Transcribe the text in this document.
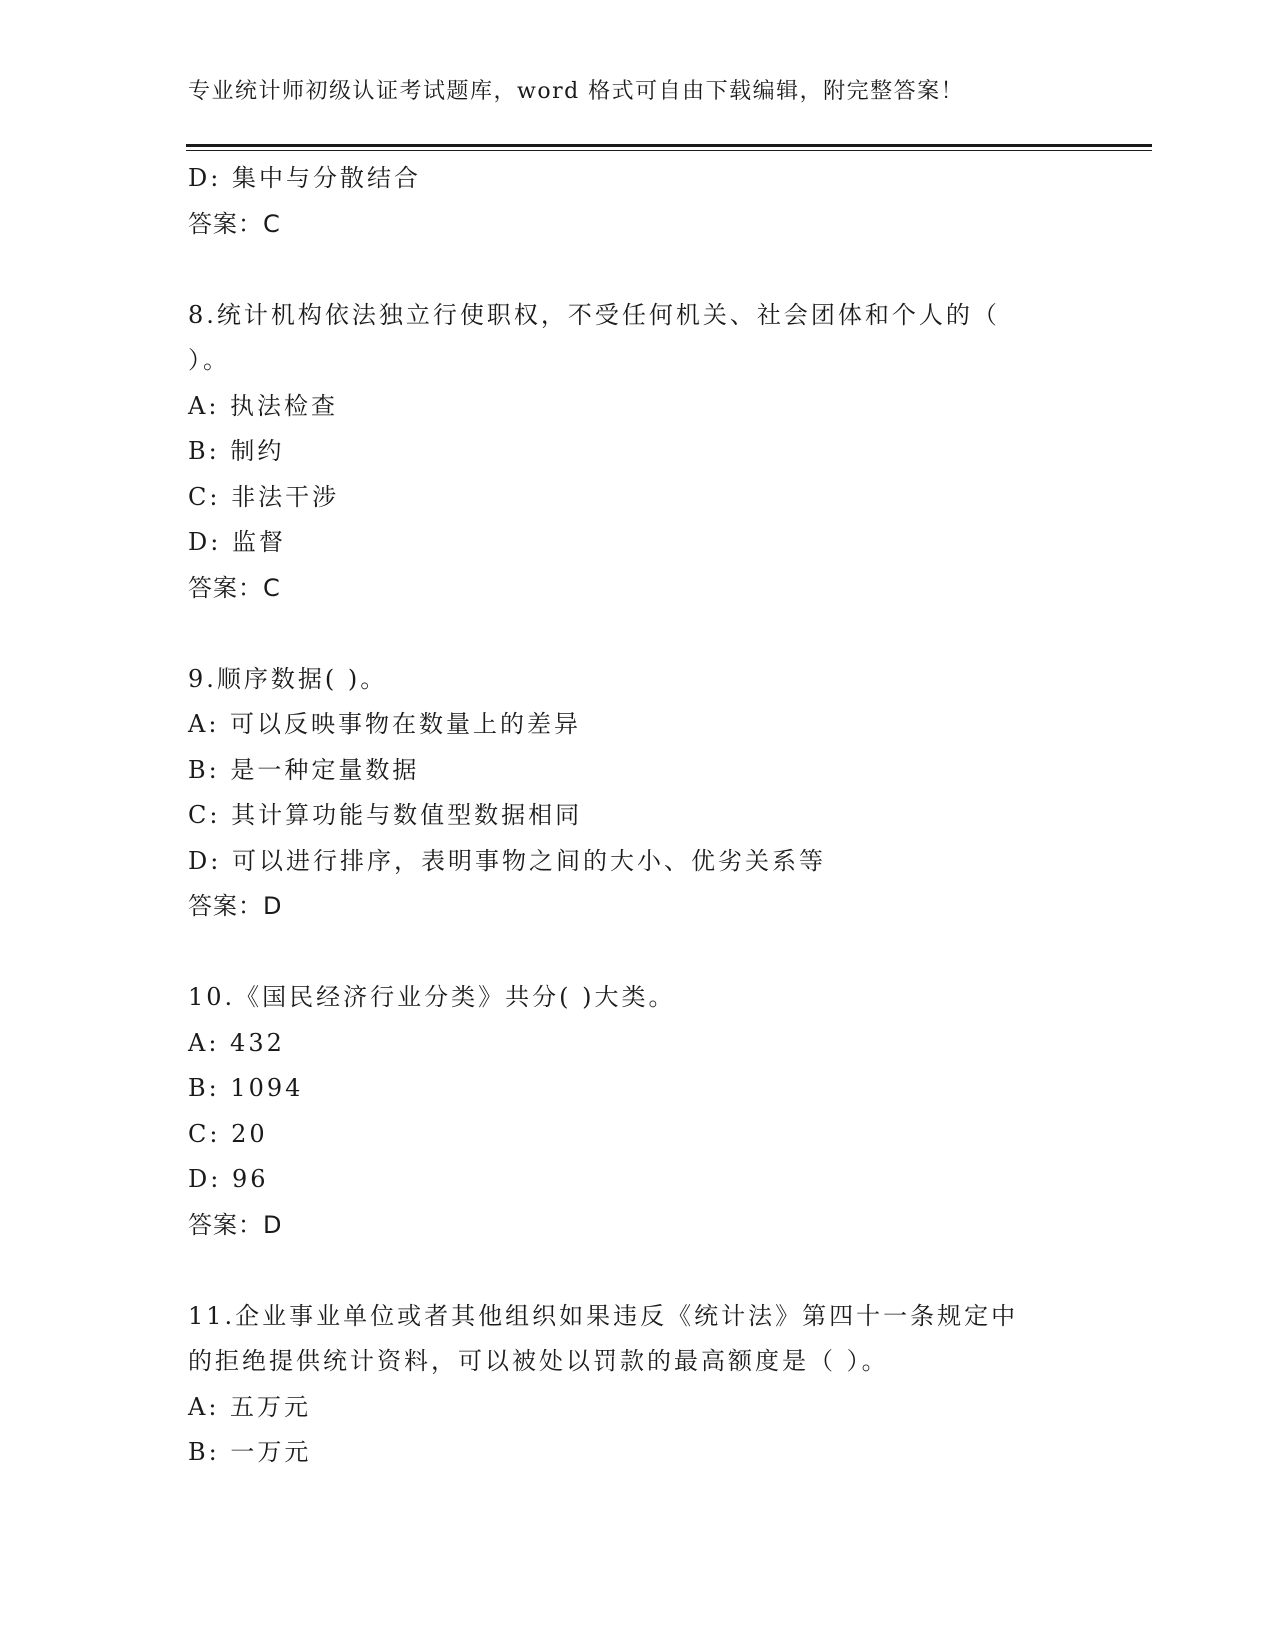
专业统计师初级认证考试题库，word 格式可自由下载编辑，附完整答案！
D: 集中与分散结合
答案：C
8.统计机构依法独立行使职权，不受任何机关、社会团体和个人的（
）。
A: 执法检查
B: 制约
C: 非法干涉
D: 监督
答案：C
9.顺序数据( )。
A: 可以反映事物在数量上的差异
B: 是一种定量数据
C: 其计算功能与数值型数据相同
D: 可以进行排序，表明事物之间的大小、优劣关系等
答案：D
10.《国民经济行业分类》共分( )大类。
A: 432
B: 1094
C: 20
D: 96
答案：D
11.企业事业单位或者其他组织如果违反《统计法》第四十一条规定中
的拒绝提供统计资料，可以被处以罚款的最高额度是（ ）。
A: 五万元
B: 一万元
